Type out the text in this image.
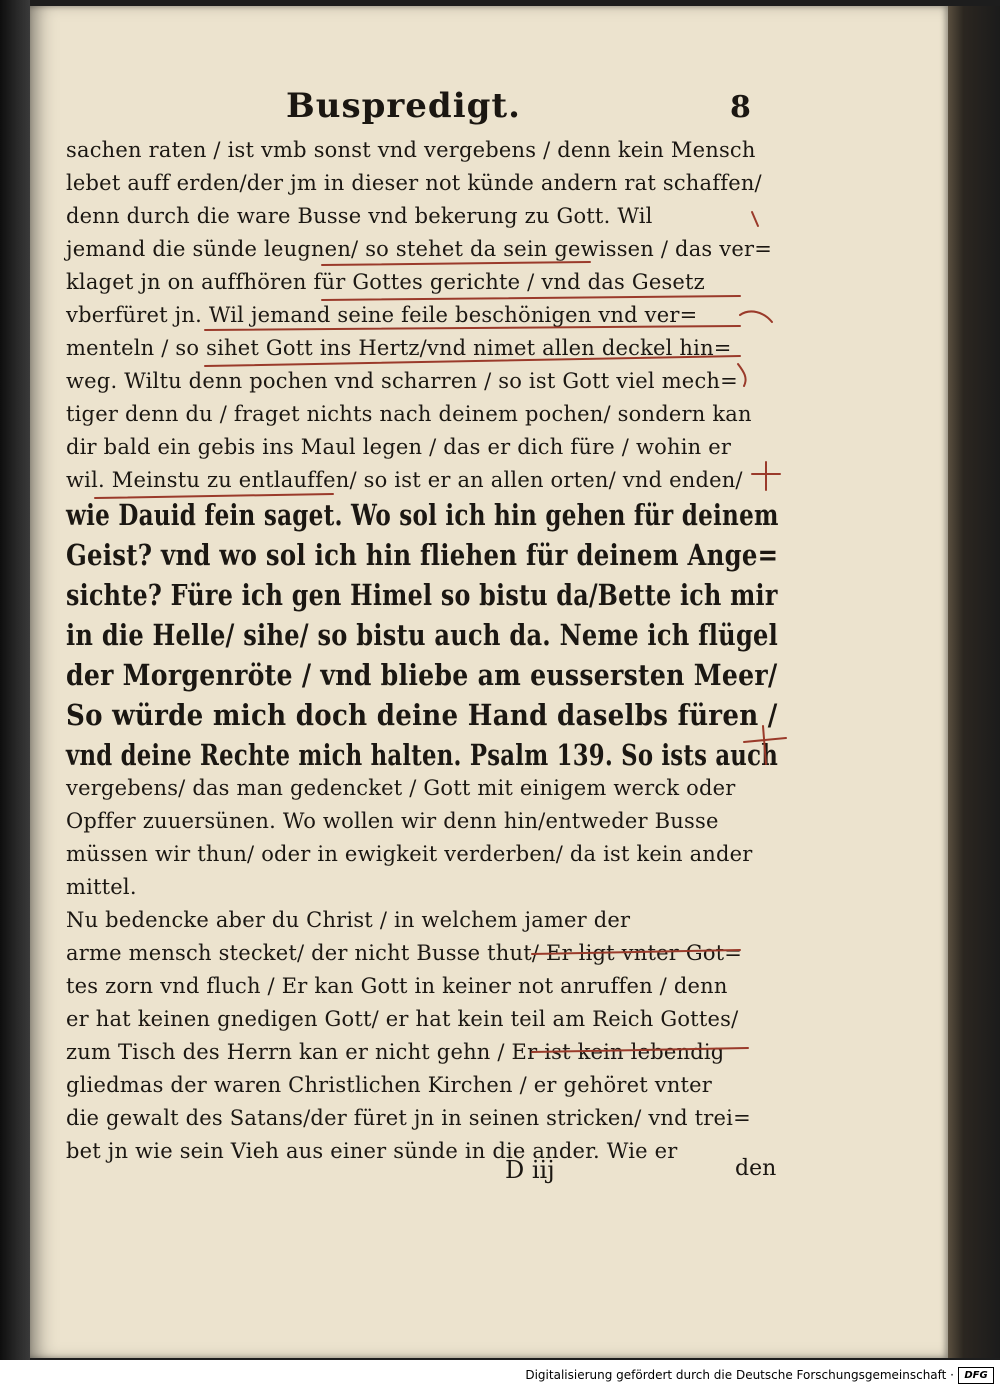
Buspredigt.	8
sachen raten / ist vmb sonst vnd vergebens / denn kein Mensch
lebet auff erden/der jm in dieser not künde andern rat schaffen/
denn durch die ware Busse vnd bekerung zu Gott. Wil
jemand die sünde leugnen/ so stehet da sein gewissen / das ver=
klaget jn on auffhören für Gottes gerichte / vnd das Gesetz
vberfüret jn. Wil jemand seine feile beschönigen vnd ver=
menteln / so sihet Gott ins Hertz/vnd nimet allen deckel hin=
weg. Wiltu denn pochen vnd scharren / so ist Gott viel mech=
tiger denn du / fraget nichts nach deinem pochen/ sondern kan
dir bald ein gebis ins Maul legen / das er dich füre / wohin er
wil. Meinstu zu entlauffen/ so ist er an allen orten/ vnd enden/
wie Dauid fein saget. Wo sol ich hin gehen für deinem
Geist? vnd wo sol ich hin fliehen für deinem Ange=
sichte? Füre ich gen Himel so bistu da/Bette ich mir
in die Helle/ sihe/ so bistu auch da. Neme ich flügel
der Morgenröte / vnd bliebe am eussersten Meer/
So würde mich doch deine Hand daselbs füren /
vnd deine Rechte mich halten. Psalm 139. So ists auch
vergebens/ das man gedencket / Gott mit einigem werck oder
Opffer zuuersünen. Wo wollen wir denn hin/entweder Busse
müssen wir thun/ oder in ewigkeit verderben/ da ist kein ander
mittel.
Nu bedencke aber du Christ / in welchem jamer der
arme mensch stecket/ der nicht Busse thut/ Er ligt vnter Got=
tes zorn vnd fluch / Er kan Gott in keiner not anruffen / denn
er hat keinen gnedigen Gott/ er hat kein teil am Reich Gottes/
zum Tisch des Herrn kan er nicht gehn / Er ist kein lebendig
gliedmas der waren Christlichen Kirchen / er gehöret vnter
die gewalt des Satans/der füret jn in seinen stricken/ vnd trei=
bet jn wie sein Vieh aus einer sünde in die ander. Wie er
D iij	den
Digitalisierung gefördert durch die Deutsche Forschungsgemeinschaft ·	DFG
